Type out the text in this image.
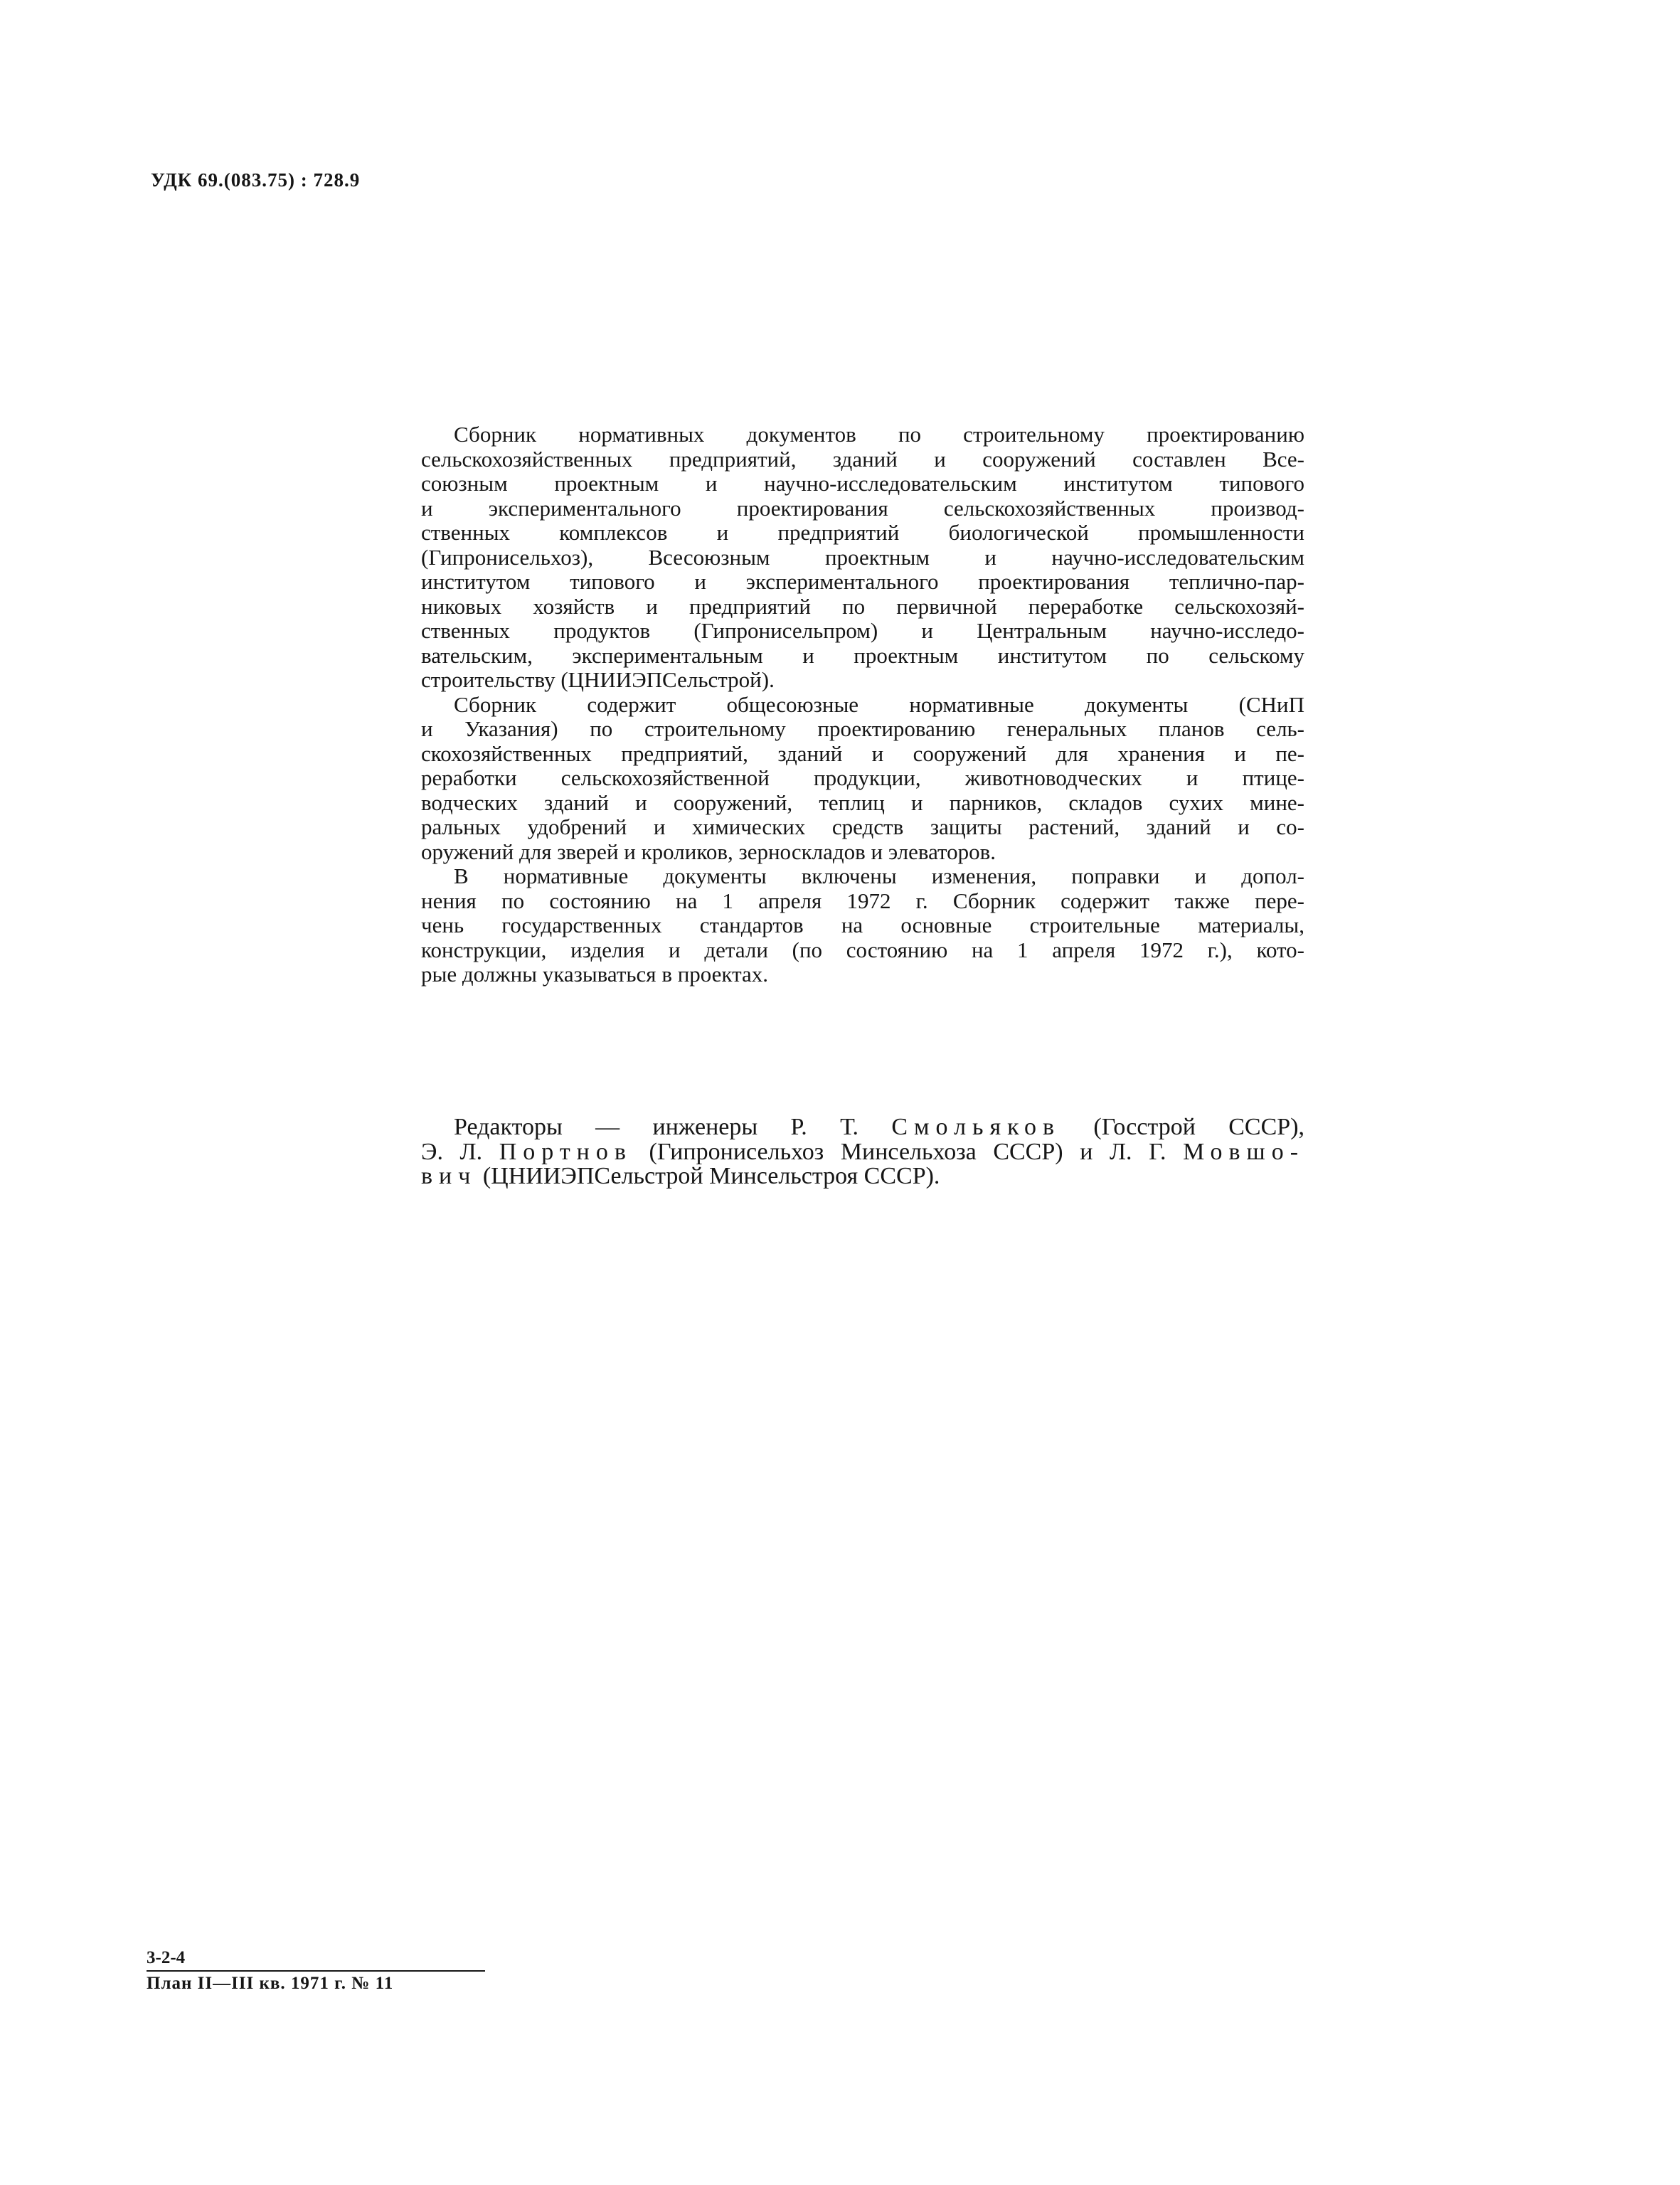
УДК 69.(083.75) : 728.9
Сборник нормативных документов по строительному проектированию
сельскохозяйственных предприятий, зданий и сооружений составлен Все-
союзным проектным и научно-исследовательским институтом типового
и экспериментального проектирования сельскохозяйственных производ-
ственных комплексов и предприятий биологической промышленности
(Гипронисельхоз), Всесоюзным проектным и научно-исследовательским
институтом типового и экспериментального проектирования теплично-пар-
никовых хозяйств и предприятий по первичной переработке сельскохозяй-
ственных продуктов (Гипронисельпром) и Центральным научно-исследо-
вательским, экспериментальным и проектным институтом по сельскому
строительству (ЦНИИЭПСельстрой).
Сборник содержит общесоюзные нормативные документы (СНиП
и Указания) по строительному проектированию генеральных планов сель-
скохозяйственных предприятий, зданий и сооружений для хранения и пе-
реработки сельскохозяйственной продукции, животноводческих и птице-
водческих зданий и сооружений, теплиц и парников, складов сухих мине-
ральных удобрений и химических средств защиты растений, зданий и со-
оружений для зверей и кроликов, зерноскладов и элеваторов.
В нормативные документы включены изменения, поправки и допол-
нения по состоянию на 1 апреля 1972 г. Сборник содержит также пере-
чень государственных стандартов на основные строительные материалы,
конструкции, изделия и детали (по состоянию на 1 апреля 1972 г.), кото-
рые должны указываться в проектах.
Редакторы — инженеры Р. Т. Смольяков (Госстрой СССР),
Э. Л. Портнов (Гипронисельхоз Минсельхоза СССР) и Л. Г. Мовшо-
вич (ЦНИИЭПСельстрой Минсельстроя СССР).
3-2-4
План II—III кв. 1971 г. № 11
